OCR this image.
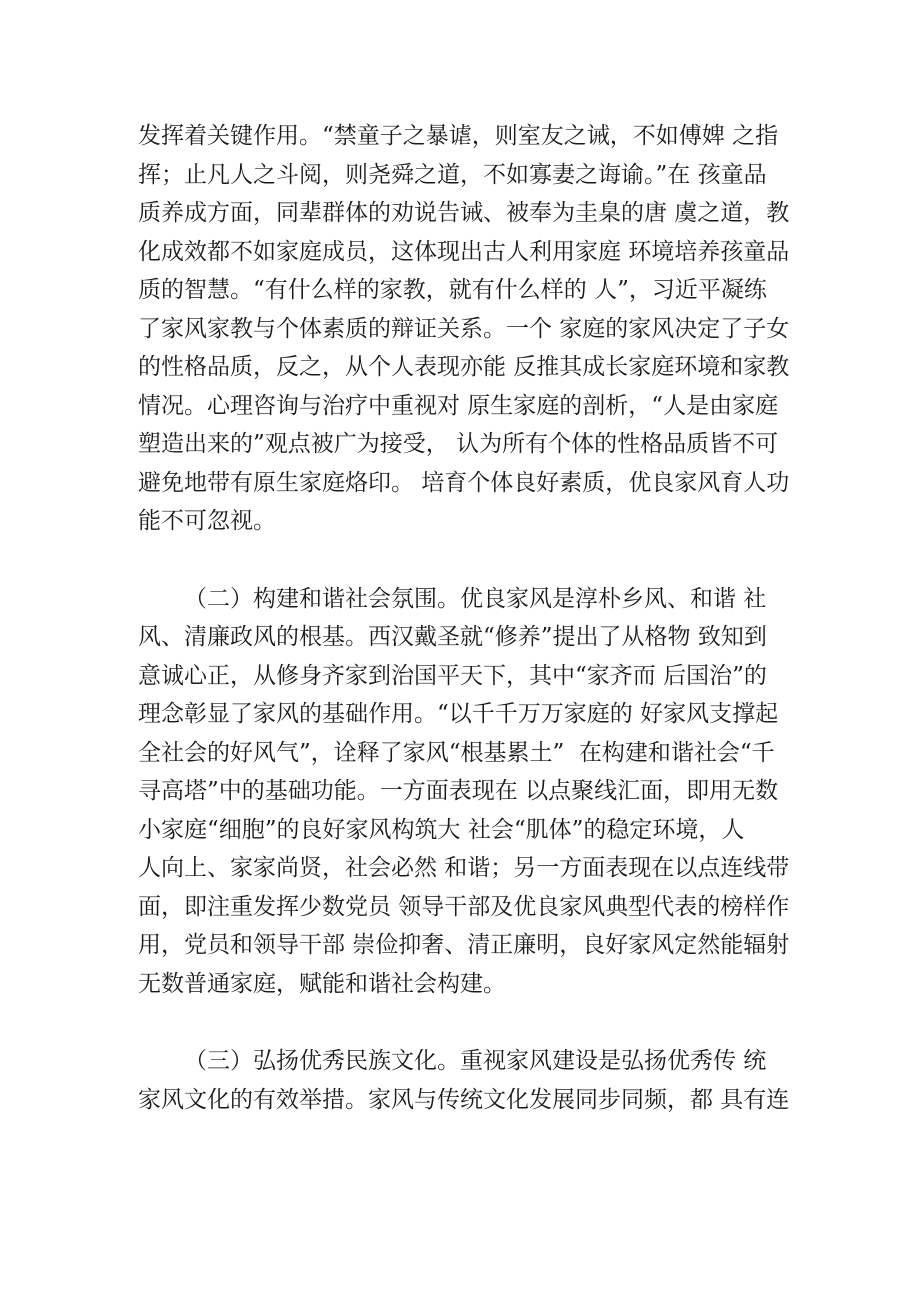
发挥着关键作用。“禁童子之暴谑，则室友之诫，不如傅婢 之指
挥；止凡人之斗阅，则尧舜之道，不如寡妻之诲谕。”在 孩童品
质养成方面，同辈群体的劝说告诫、被奉为圭臬的唐 虞之道，教
化成效都不如家庭成员，这体现出古人利用家庭 环境培养孩童品
质的智慧。“有什么样的家教，就有什么样的 人”，习近平凝练
了家风家教与个体素质的辩证关系。一个 家庭的家风决定了子女
的性格品质，反之，从个人表现亦能 反推其成长家庭环境和家教
情况。心理咨询与治疗中重视对 原生家庭的剖析，“人是由家庭
塑造出来的”观点被广为接受， 认为所有个体的性格品质皆不可
避免地带有原生家庭烙印。 培育个体良好素质，优良家风育人功
能不可忽视。
（二）构建和谐社会氛围。优良家风是淳朴乡风、和谐 社
风、清廉政风的根基。西汉戴圣就“修养”提出了从格物 致知到
意诚心正，从修身齐家到治国平天下，其中“家齐而 后国治”的
理念彰显了家风的基础作用。“以千千万万家庭的 好家风支撑起
全社会的好风气”，诠释了家风“根基累土”  在构建和谐社会“千
寻高塔”中的基础功能。一方面表现在 以点聚线汇面，即用无数
小家庭“细胞”的良好家风构筑大 社会“肌体”的稳定环境，人
人向上、家家尚贤，社会必然 和谐；另一方面表现在以点连线带
面，即注重发挥少数党员 领导干部及优良家风典型代表的榜样作
用，党员和领导干部 崇俭抑奢、清正廉明，良好家风定然能辐射
无数普通家庭，赋能和谐社会构建。
（三）弘扬优秀民族文化。重视家风建设是弘扬优秀传 统
家风文化的有效举措。家风与传统文化发展同步同频，都 具有连
